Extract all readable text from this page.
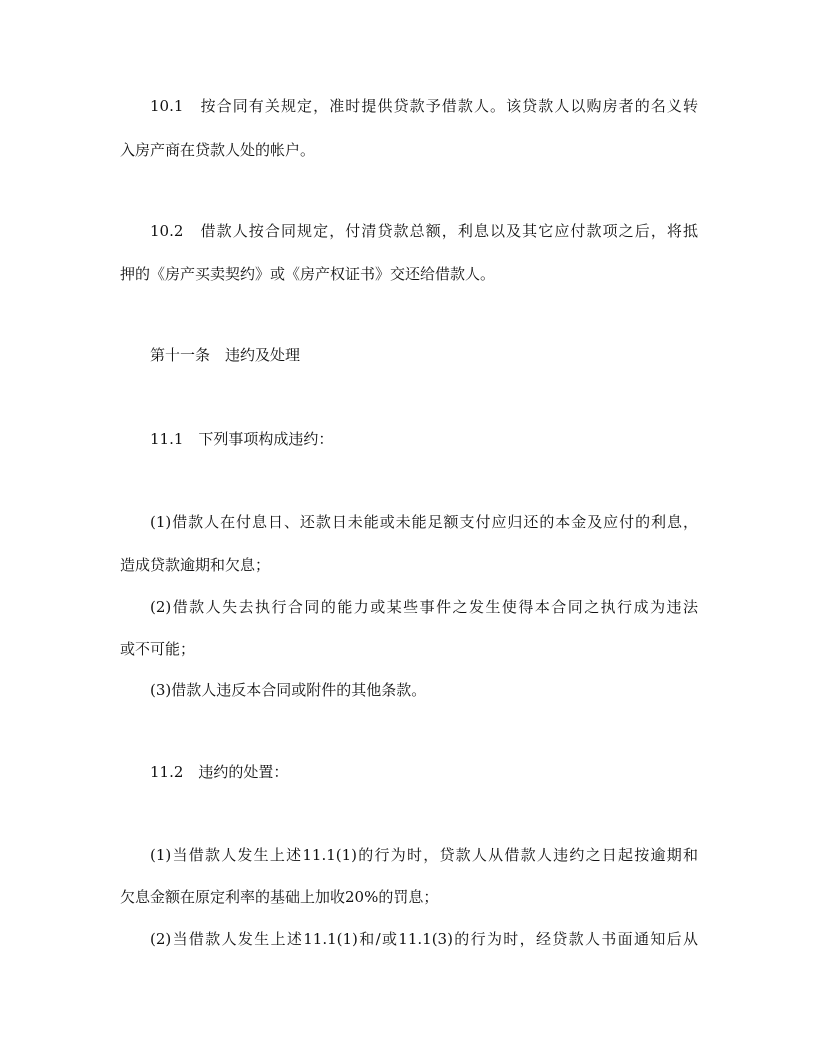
10.1　按合同有关规定，准时提供贷款予借款人。该贷款人以购房者的名义转
入房产商在贷款人处的帐户。
10.2　借款人按合同规定，付清贷款总额，利息以及其它应付款项之后，将抵
押的《房产买卖契约》或《房产权证书》交还给借款人。
第十一条　违约及处理
11.1　下列事项构成违约：
(1)借款人在付息日、还款日未能或未能足额支付应归还的本金及应付的利息，
造成贷款逾期和欠息；
(2)借款人失去执行合同的能力或某些事件之发生使得本合同之执行成为违法
或不可能；
(3)借款人违反本合同或附件的其他条款。
11.2　违约的处置：
(1)当借款人发生上述11.1(1)的行为时，贷款人从借款人违约之日起按逾期和
欠息金额在原定利率的基础上加收20%的罚息；
(2)当借款人发生上述11.1(1)和/或11.1(3)的行为时，经贷款人书面通知后从
